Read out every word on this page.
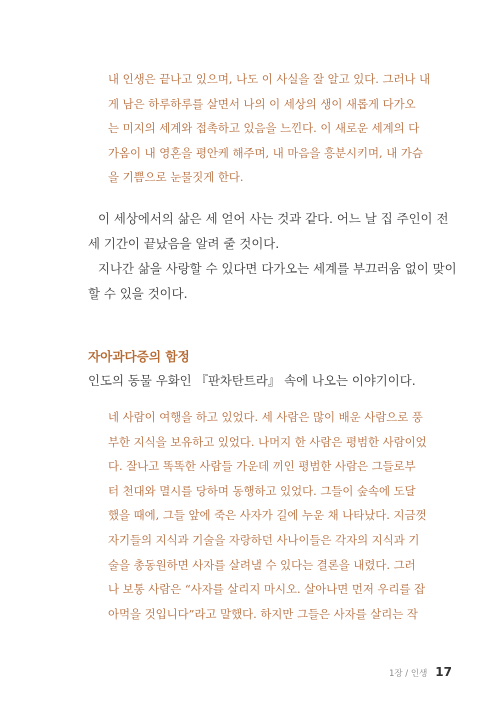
내 인생은 끝나고 있으며, 나도 이 사실을 잘 알고 있다. 그러나 내
게 남은 하루하루를 살면서 나의 이 세상의 생이 새롭게 다가오
는 미지의 세계와 접촉하고 있음을 느낀다. 이 새로운 세계의 다
가옴이 내 영혼을 평안케 해주며, 내 마음을 흥분시키며, 내 가슴
을 기쁨으로 눈물짓게 한다.
이 세상에서의 삶은 세 얻어 사는 것과 같다. 어느 날 집 주인이 전
세 기간이 끝났음을 알려 줄 것이다.
지나간 삶을 사랑할 수 있다면 다가오는 세계를 부끄러움 없이 맞이
할 수 있을 것이다.
자아과다증의 함정
인도의 동물 우화인 『판차탄트라』 속에 나오는 이야기이다.
네 사람이 여행을 하고 있었다. 세 사람은 많이 배운 사람으로 풍
부한 지식을 보유하고 있었다. 나머지 한 사람은 평범한 사람이었
다. 잘나고 똑똑한 사람들 가운데 끼인 평범한 사람은 그들로부
터 천대와 멸시를 당하며 동행하고 있었다. 그들이 숲속에 도달
했을 때에, 그들 앞에 죽은 사자가 길에 누운 채 나타났다. 지금껏
자기들의 지식과 기술을 자랑하던 사나이들은 각자의 지식과 기
술을 총동원하면 사자를 살려낼 수 있다는 결론을 내렸다. 그러
나 보통 사람은 “사자를 살리지 마시오. 살아나면 먼저 우리를 잡
아먹을 것입니다”라고 말했다. 하지만 그들은 사자를 살리는 작
1장 / 인생 17
